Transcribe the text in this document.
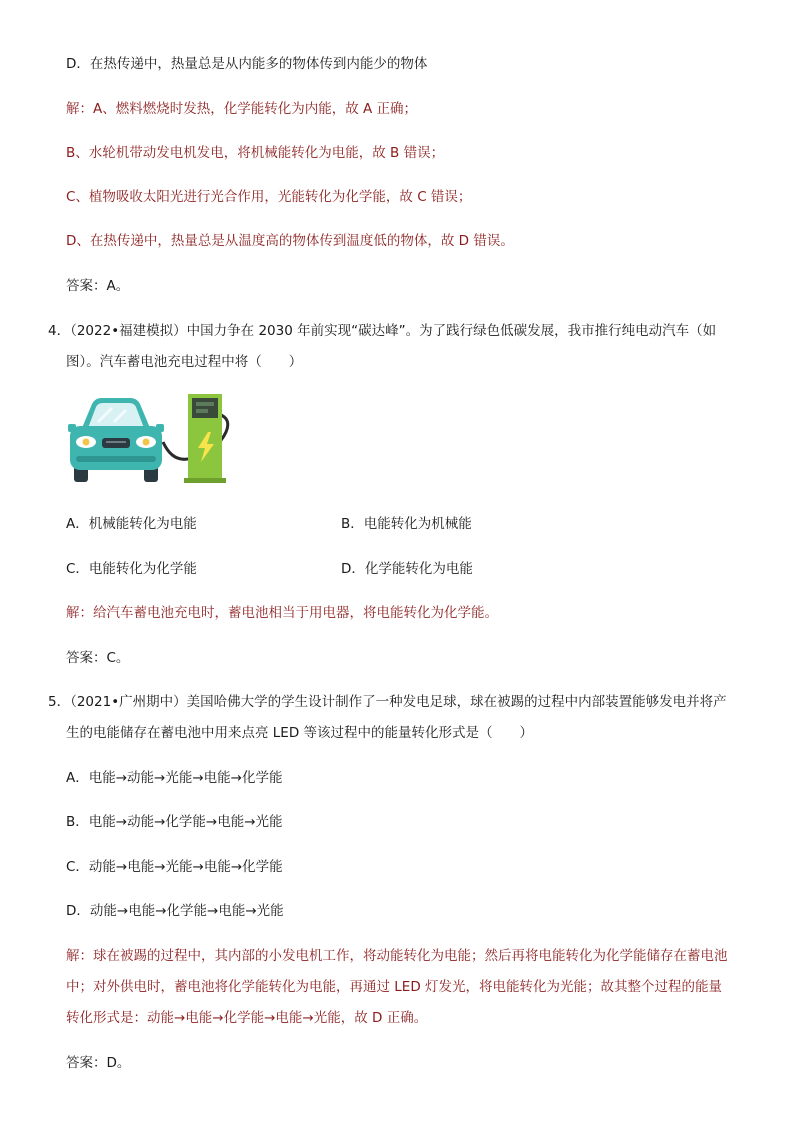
D．在热传递中，热量总是从内能多的物体传到内能少的物体
解：A、燃料燃烧时发热，化学能转化为内能，故 A 正确；
B、水轮机带动发电机发电，将机械能转化为电能，故 B 错误；
C、植物吸收太阳光进行光合作用，光能转化为化学能，故 C 错误；
D、在热传递中，热量总是从温度高的物体传到温度低的物体，故 D 错误。
答案：A。
4．（2022•福建模拟）中国力争在 2030 年前实现“碳达峰”。为了践行绿色低碳发展，我市推行纯电动汽车（如
图）。汽车蓄电池充电过程中将（　　）
A．机械能转化为电能	B．电能转化为机械能
C．电能转化为化学能	D．化学能转化为电能
解：给汽车蓄电池充电时，蓄电池相当于用电器，将电能转化为化学能。
答案：C。
5．（2021•广州期中）美国哈佛大学的学生设计制作了一种发电足球，球在被踢的过程中内部装置能够发电并将产
生的电能储存在蓄电池中用来点亮 LED 等该过程中的能量转化形式是（　　）
A．电能→动能→光能→电能→化学能
B．电能→动能→化学能→电能→光能
C．动能→电能→光能→电能→化学能
D．动能→电能→化学能→电能→光能
解：球在被踢的过程中，其内部的小发电机工作，将动能转化为电能；然后再将电能转化为化学能储存在蓄电池
中；对外供电时，蓄电池将化学能转化为电能，再通过 LED 灯发光，将电能转化为光能；故其整个过程的能量
转化形式是：动能→电能→化学能→电能→光能，故 D 正确。
答案：D。
